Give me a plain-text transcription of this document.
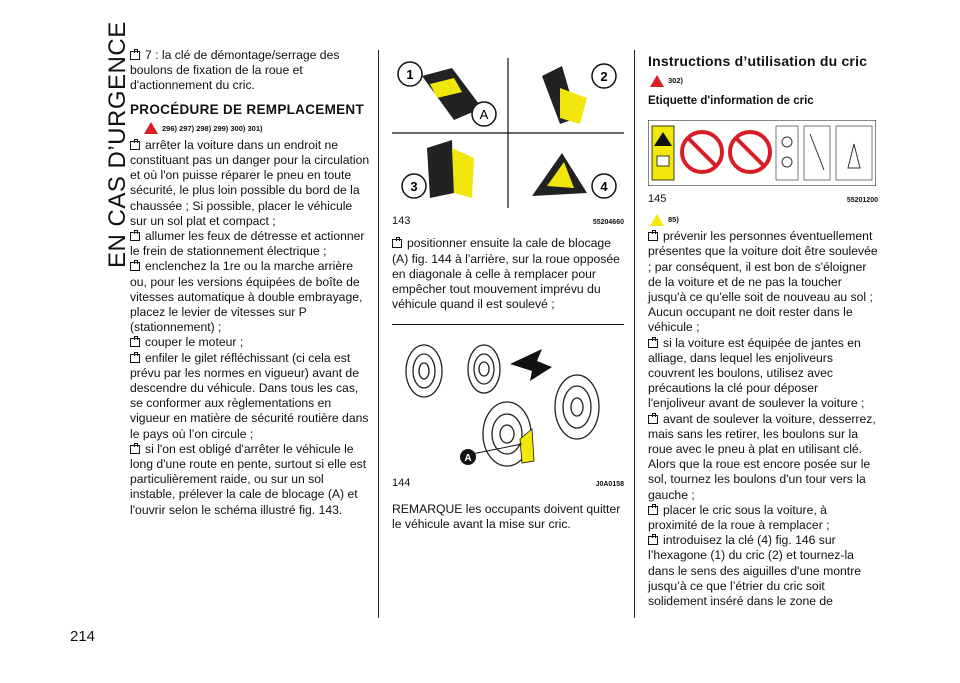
EN CAS D’URGENCE
214

7 : la clé de démontage/serrage des boulons de fixation de la roue et d'actionnement du cric.

PROCÉDURE DE REMPLACEMENT
296) 297) 298) 299) 300) 301)

arrêter la voiture dans un endroit ne constituant pas un danger pour la circulation et où l'on puisse réparer le pneu en toute sécurité, le plus loin possible du bord de la chaussée ; Si possible, placer le véhicule sur un sol plat et compact ;

allumer les feux de détresse et actionner le frein de stationnement électrique ;

enclenchez la 1re ou la marche arrière ou, pour les versions équipées de boîte de vitesses automatique à double embrayage, placez le levier de vitesses sur P (stationnement) ;

couper le moteur ;

enfiler le gilet réfléchissant (ci cela est prévu par les normes en vigueur) avant de descendre du véhicule. Dans tous les cas, se conformer aux règlementations en vigueur en matière de sécurité routière dans le pays où l’on circule ;

si l'on est obligé d'arrêter le véhicule le long d'une route en pente, surtout si elle est particulièrement raide, ou sur un sol instable, prélever la cale de blocage (A) et l'ouvrir selon le schéma illustré fig. 143.

A
1	2
3	4
143	55204660

positionner ensuite la cale de blocage (A) fig. 144 à l'arrière, sur la roue opposée en diagonale à celle à remplacer pour empêcher tout mouvement imprévu du véhicule quand il est soulevé ;

A
144	J0A0158

REMARQUE les occupants doivent quitter le véhicule avant la mise sur cric.

Instructions d’utilisation du cric
302)
Etiquette d'information de cric
145	55201200
85)

prévenir les personnes éventuellement présentes que la voiture doit être soulevée ; par conséquent, il est bon de s'éloigner de la voiture et de ne pas la toucher jusqu'à ce qu'elle soit de nouveau au sol ; Aucun occupant ne doit rester dans le véhicule ;

si la voiture est équipée de jantes en alliage, dans lequel les enjoliveurs couvrent les boulons, utilisez avec précautions la clé pour déposer l'enjoliveur avant de soulever la voiture ;

avant de soulever la voiture, desserrez, mais sans les retirer, les boulons sur la roue avec le pneu à plat en utilisant clé. Alors que la roue est encore posée sur le sol, tournez les boulons d'un tour vers la gauche ;

placer le cric sous la voiture, à proximité de la roue à remplacer ;

introduisez la clé (4) fig. 146 sur l’hexagone (1) du cric (2) et tournez-la dans le sens des aiguilles d'une montre jusqu’à ce que l’étrier du cric soit solidement inséré dans le zone de
